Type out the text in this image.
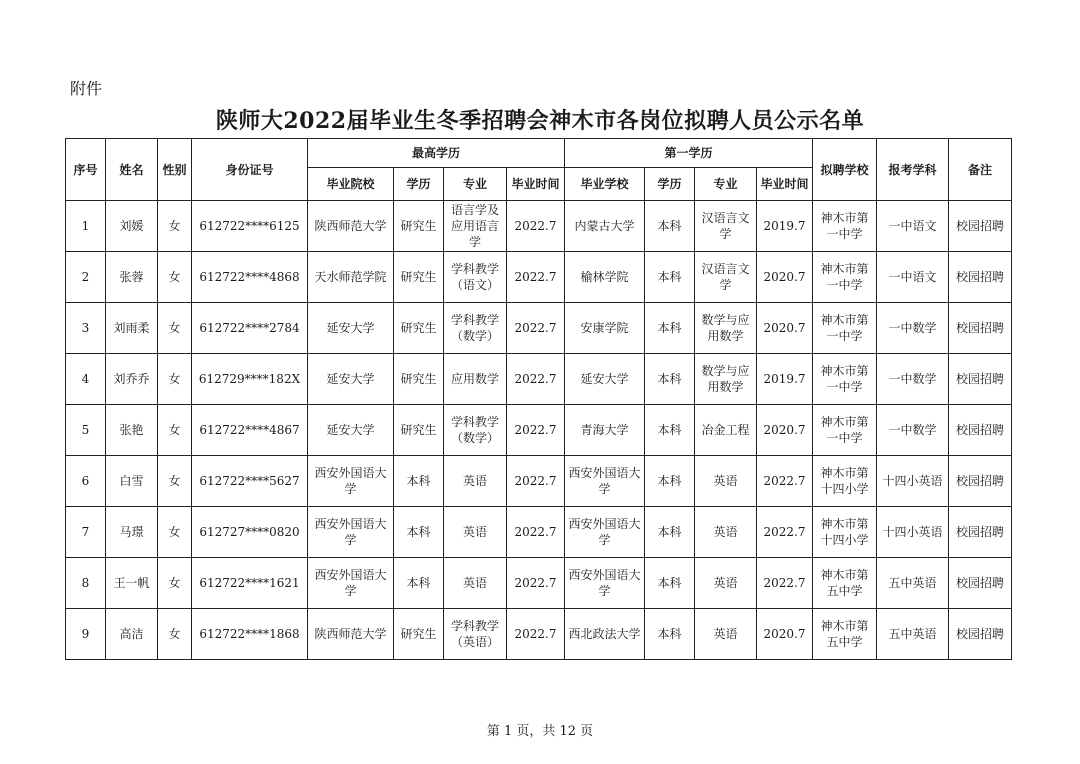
附件
陕师大2022届毕业生冬季招聘会神木市各岗位拟聘人员公示名单
序号	姓名	性别	身份证号	最高学历				第一学历				拟聘学校	报考学科	备注
				毕业院校	学历	专业	毕业时间	毕业学校	学历	专业	毕业时间			
1	刘媛	女	612722****6125	陕西师范大学	研究生	语言学及应用语言学	2022.7	内蒙古大学	本科	汉语言文学	2019.7	神木市第一中学	一中语文	校园招聘
2	张蓉	女	612722****4868	天水师范学院	研究生	学科教学（语文）	2022.7	榆林学院	本科	汉语言文学	2020.7	神木市第一中学	一中语文	校园招聘
3	刘雨柔	女	612722****2784	延安大学	研究生	学科教学（数学）	2022.7	安康学院	本科	数学与应用数学	2020.7	神木市第一中学	一中数学	校园招聘
4	刘乔乔	女	612729****182X	延安大学	研究生	应用数学	2022.7	延安大学	本科	数学与应用数学	2019.7	神木市第一中学	一中数学	校园招聘
5	张艳	女	612722****4867	延安大学	研究生	学科教学（数学）	2022.7	青海大学	本科	冶金工程	2020.7	神木市第一中学	一中数学	校园招聘
6	白雪	女	612722****5627	西安外国语大学	本科	英语	2022.7	西安外国语大学	本科	英语	2022.7	神木市第十四小学	十四小英语	校园招聘
7	马璟	女	612727****0820	西安外国语大学	本科	英语	2022.7	西安外国语大学	本科	英语	2022.7	神木市第十四小学	十四小英语	校园招聘
8	王一帆	女	612722****1621	西安外国语大学	本科	英语	2022.7	西安外国语大学	本科	英语	2022.7	神木市第五中学	五中英语	校园招聘
9	高洁	女	612722****1868	陕西师范大学	研究生	学科教学（英语）	2022.7	西北政法大学	本科	英语	2020.7	神木市第五中学	五中英语	校园招聘
第 1 页，共 12 页
